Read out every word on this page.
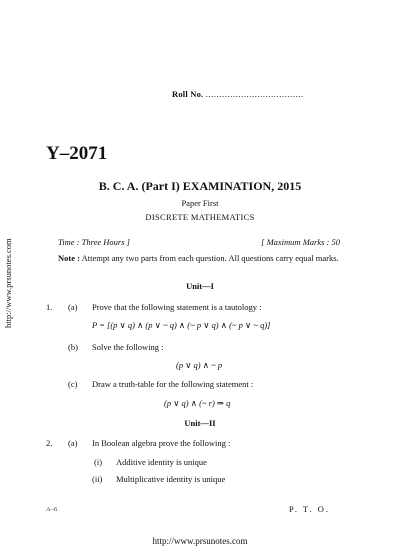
Roll No. ....................................
Y–2071
B. C. A. (Part I) EXAMINATION, 2015
Paper First
DISCRETE MATHEMATICS
Time : Three Hours ]	[ Maximum Marks : 50
Note : Attempt any two parts from each question. All questions carry equal marks.
Unit—I
1. (a) Prove that the following statement is a tautology :
P = [(p ∨ q) ∧ (p ∨ ~ q) ∧ (~ p ∨ q) ∧ (~ p ∨ ~ q)]
(b) Solve the following :
(p ∨ q) ∧ ~ p
(c) Draw a truth-table for the following statement :
(p ∨ q) ∧ (~ r) ⇒ q
Unit—II
2. (a) In Boolean algebra prove the following :
(i) Additive identity is unique
(ii) Multiplicative identity is unique
A–6	P. T. O.
http://www.prsunotes.com
http://www.prsunotes.com
